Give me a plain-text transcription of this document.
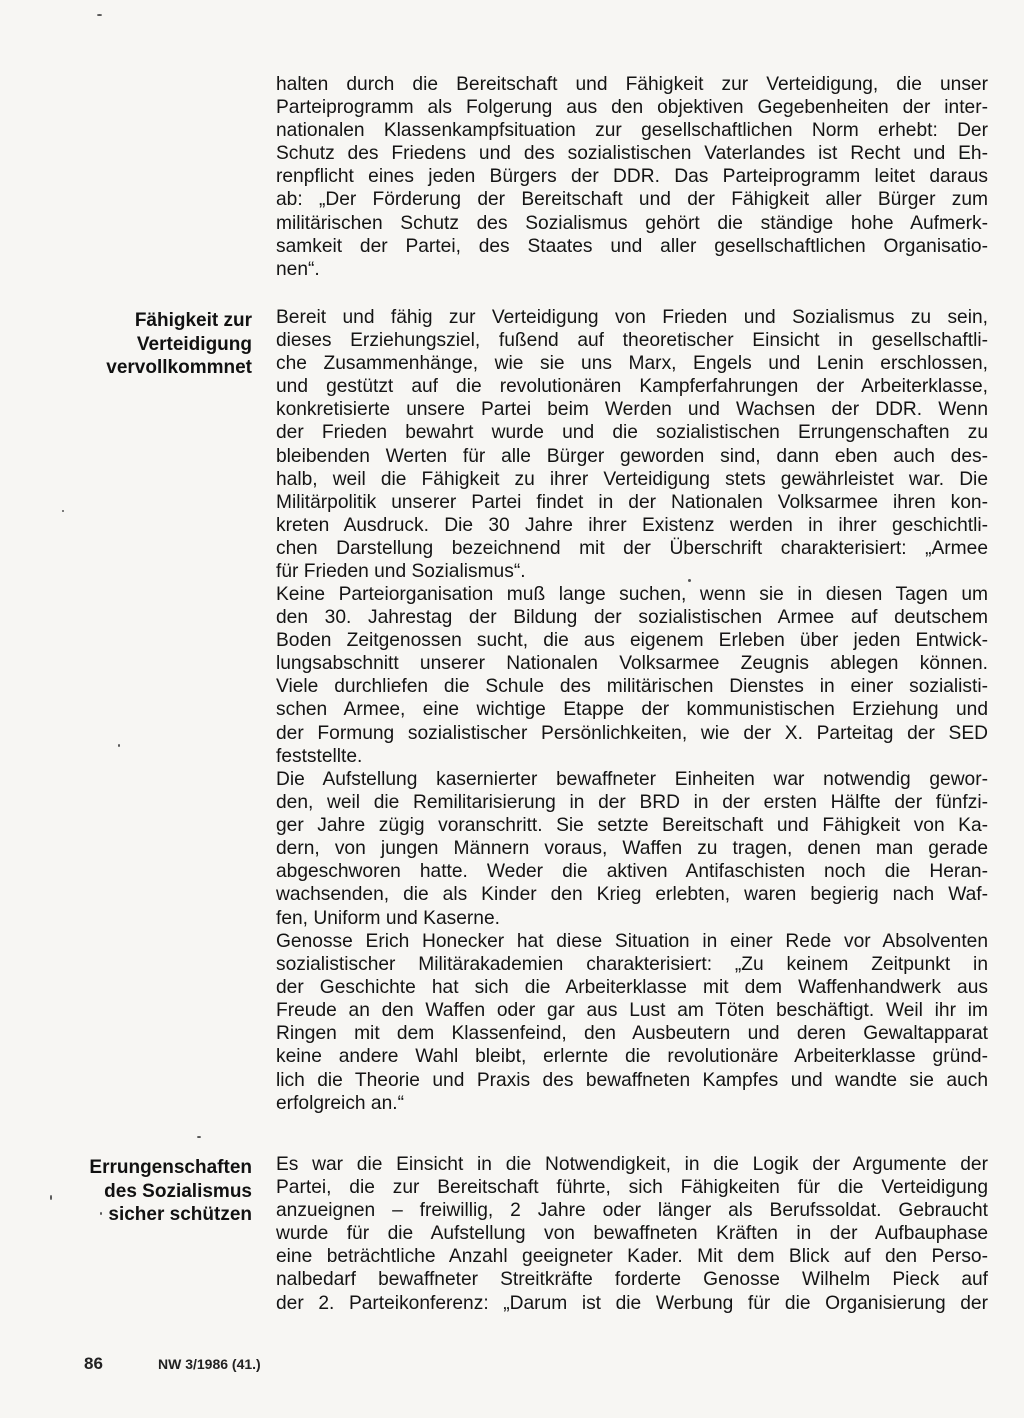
halten durch die Bereitschaft und Fähigkeit zur Verteidigung, die unser
Parteiprogramm als Folgerung aus den objektiven Gegebenheiten der inter-
nationalen Klassenkampfsituation zur gesellschaftlichen Norm erhebt: Der
Schutz des Friedens und des sozialistischen Vaterlandes ist Recht und Eh-
renpflicht eines jeden Bürgers der DDR. Das Parteiprogramm leitet daraus
ab: „Der Förderung der Bereitschaft und der Fähigkeit aller Bürger zum
militärischen Schutz des Sozialismus gehört die ständige hohe Aufmerk-
samkeit der Partei, des Staates und aller gesellschaftlichen Organisatio-
nen“.
Fähigkeit zur
Verteidigung
vervollkommnet
Bereit und fähig zur Verteidigung von Frieden und Sozialismus zu sein,
dieses Erziehungsziel, fußend auf theoretischer Einsicht in gesellschaftli-
che Zusammenhänge, wie sie uns Marx, Engels und Lenin erschlossen,
und gestützt auf die revolutionären Kampferfahrungen der Arbeiterklasse,
konkretisierte unsere Partei beim Werden und Wachsen der DDR. Wenn
der Frieden bewahrt wurde und die sozialistischen Errungenschaften zu
bleibenden Werten für alle Bürger geworden sind, dann eben auch des-
halb, weil die Fähigkeit zu ihrer Verteidigung stets gewährleistet war. Die
Militärpolitik unserer Partei findet in der Nationalen Volksarmee ihren kon-
kreten Ausdruck. Die 30 Jahre ihrer Existenz werden in ihrer geschichtli-
chen Darstellung bezeichnend mit der Überschrift charakterisiert: „Armee
für Frieden und Sozialismus“.
Keine Parteiorganisation muß lange suchen, wenn sie in diesen Tagen um
den 30. Jahrestag der Bildung der sozialistischen Armee auf deutschem
Boden Zeitgenossen sucht, die aus eigenem Erleben über jeden Entwick-
lungsabschnitt unserer Nationalen Volksarmee Zeugnis ablegen können.
Viele durchliefen die Schule des militärischen Dienstes in einer sozialisti-
schen Armee, eine wichtige Etappe der kommunistischen Erziehung und
der Formung sozialistischer Persönlichkeiten, wie der X. Parteitag der SED
feststellte.
Die Aufstellung kasernierter bewaffneter Einheiten war notwendig gewor-
den, weil die Remilitarisierung in der BRD in der ersten Hälfte der fünfzi-
ger Jahre zügig voranschritt. Sie setzte Bereitschaft und Fähigkeit von Ka-
dern, von jungen Männern voraus, Waffen zu tragen, denen man gerade
abgeschworen hatte. Weder die aktiven Antifaschisten noch die Heran-
wachsenden, die als Kinder den Krieg erlebten, waren begierig nach Waf-
fen, Uniform und Kaserne.
Genosse Erich Honecker hat diese Situation in einer Rede vor Absolventen
sozialistischer Militärakademien charakterisiert: „Zu keinem Zeitpunkt in
der Geschichte hat sich die Arbeiterklasse mit dem Waffenhandwerk aus
Freude an den Waffen oder gar aus Lust am Töten beschäftigt. Weil ihr im
Ringen mit dem Klassenfeind, den Ausbeutern und deren Gewaltapparat
keine andere Wahl bleibt, erlernte die revolutionäre Arbeiterklasse gründ-
lich die Theorie und Praxis des bewaffneten Kampfes und wandte sie auch
erfolgreich an.“
Errungenschaften
des Sozialismus
sicher schützen
Es war die Einsicht in die Notwendigkeit, in die Logik der Argumente der
Partei, die zur Bereitschaft führte, sich Fähigkeiten für die Verteidigung
anzueignen – freiwillig, 2 Jahre oder länger als Berufssoldat. Gebraucht
wurde für die Aufstellung von bewaffneten Kräften in der Aufbauphase
eine beträchtliche Anzahl geeigneter Kader. Mit dem Blick auf den Perso-
nalbedarf bewaffneter Streitkräfte forderte Genosse Wilhelm Pieck auf
der 2. Parteikonferenz: „Darum ist die Werbung für die Organisierung der
86	NW 3/1986 (41.)
